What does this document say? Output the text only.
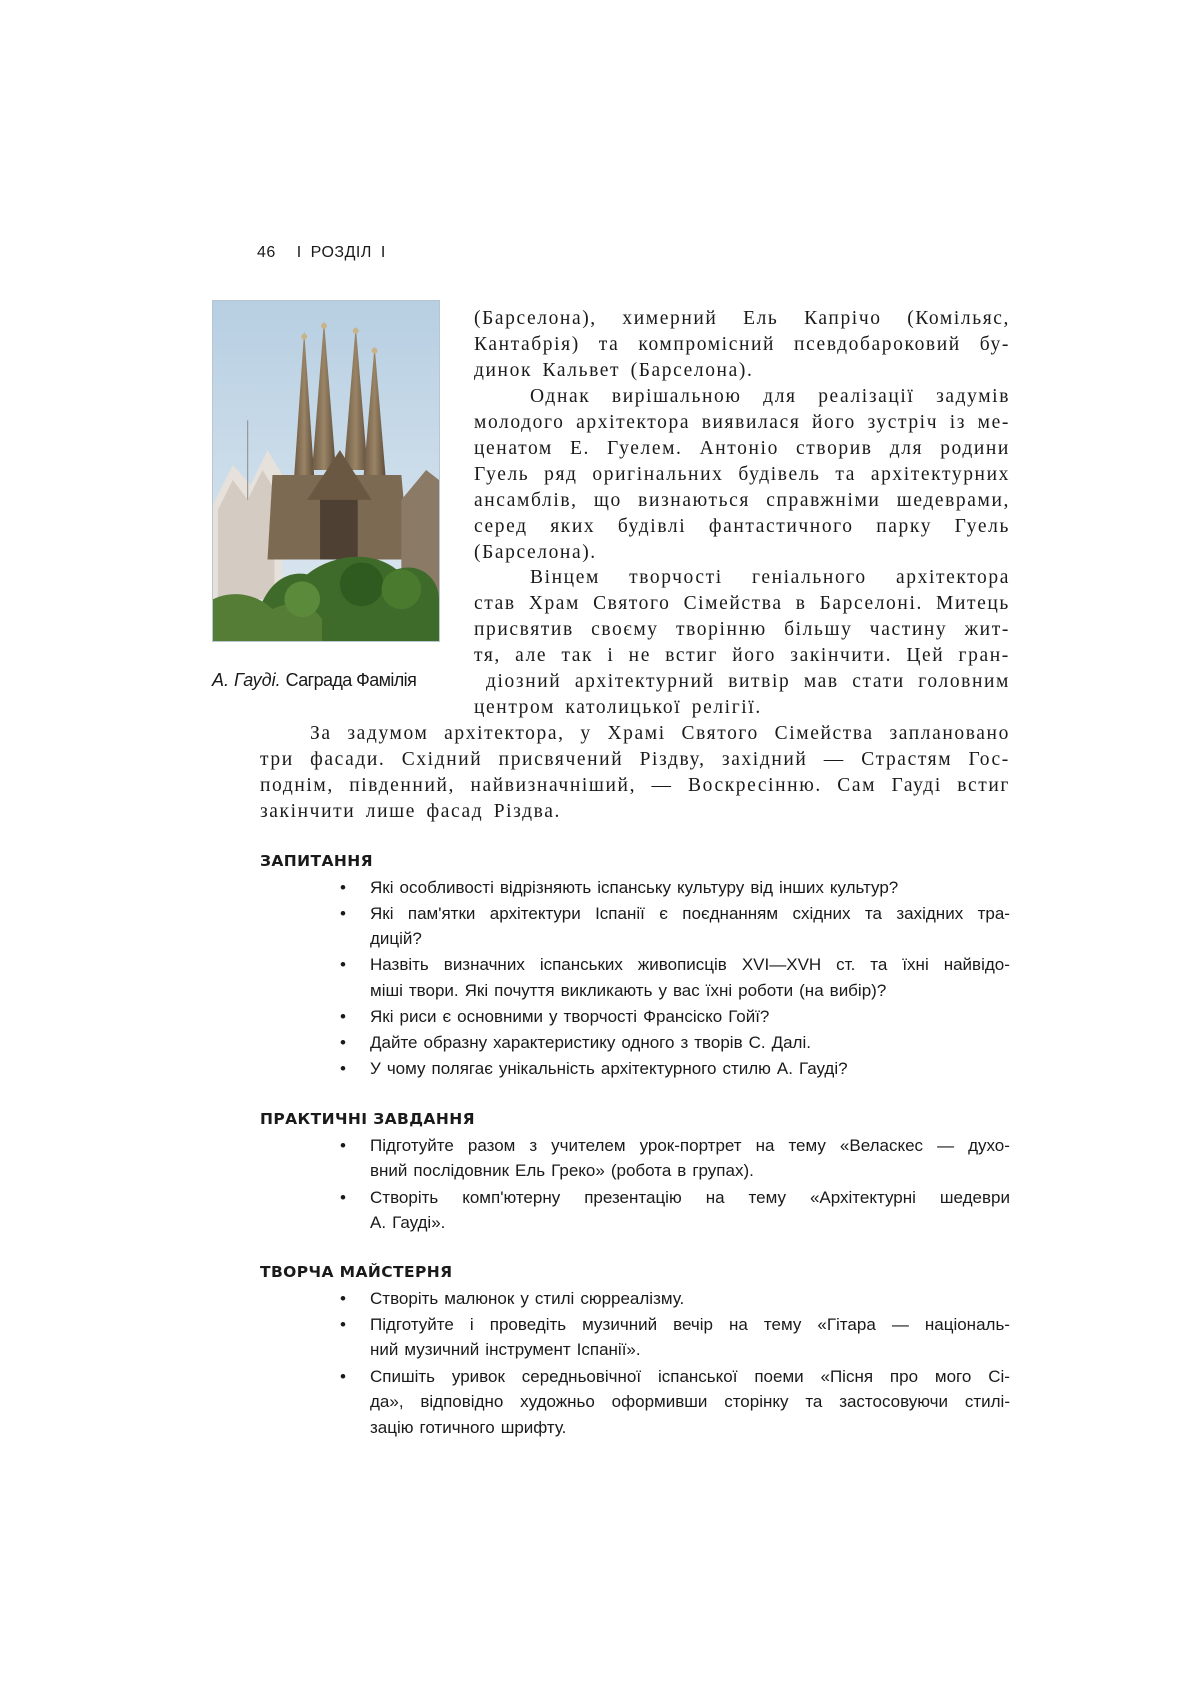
46 І РОЗДІЛ І
А. Гауді. Саграда Фамілія
(Барселона), химерний Ель Капрічо (Комільяс,
Кантабрія) та компромісний псевдобароковий бу-
динок Кальвет (Барселона).
Однак вирішальною для реалізації задумів
молодого архітектора виявилася його зустріч із ме-
ценатом Е. Гуелем. Антоніо створив для родини
Гуель ряд оригінальних будівель та архітектурних
ансамблів, що визнаються справжніми шедеврами,
серед яких будівлі фантастичного парку Гуель
(Барселона).
Вінцем творчості геніального архітектора
став Храм Святого Сімейства в Барселоні. Митець
присвятив своєму творінню більшу частину жит-
тя, але так і не встиг його закінчити. Цей гран-
діозний архітектурний витвір мав стати головним
центром католицької релігії.
За задумом архітектора, у Храмі Святого Сімейства заплановано
три фасади. Східний присвячений Різдву, західний — Страстям Гос-
поднім, південний, найвизначніший, — Воскресінню. Сам Гауді встиг
закінчити лише фасад Різдва.
ЗАПИТАННЯ
• Які особливості відрізняють іспанську культуру від інших культур?
• Які пам'ятки архітектури Іспанії є поєднанням східних та західних тра-
дицій?
• Назвіть визначних іспанських живописців XVI—XVH ст. та їхні найвідо-
міші твори. Які почуття викликають у вас їхні роботи (на вибір)?
• Які риси є основними у творчості Франсіско Гойї?
• Дайте образну характеристику одного з творів С. Далі.
• У чому полягає унікальність архітектурного стилю А. Гауді?
ПРАКТИЧНІ ЗАВДАННЯ
• Підготуйте разом з учителем урок-портрет на тему «Веласкес — духо-
вний послідовник Ель Греко» (робота в групах).
• Створіть комп'ютерну презентацію на тему «Архітектурні шедеври
А. Гауді».
ТВОРЧА МАЙСТЕРНЯ
• Створіть малюнок у стилі сюрреалізму.
• Підготуйте і проведіть музичний вечір на тему «Гітара — національ-
ний музичний інструмент Іспанії».
• Спишіть уривок середньовічної іспанської поеми «Пісня про мого Сі-
да», відповідно художньо оформивши сторінку та застосовуючи стилі-
зацію готичного шрифту.
